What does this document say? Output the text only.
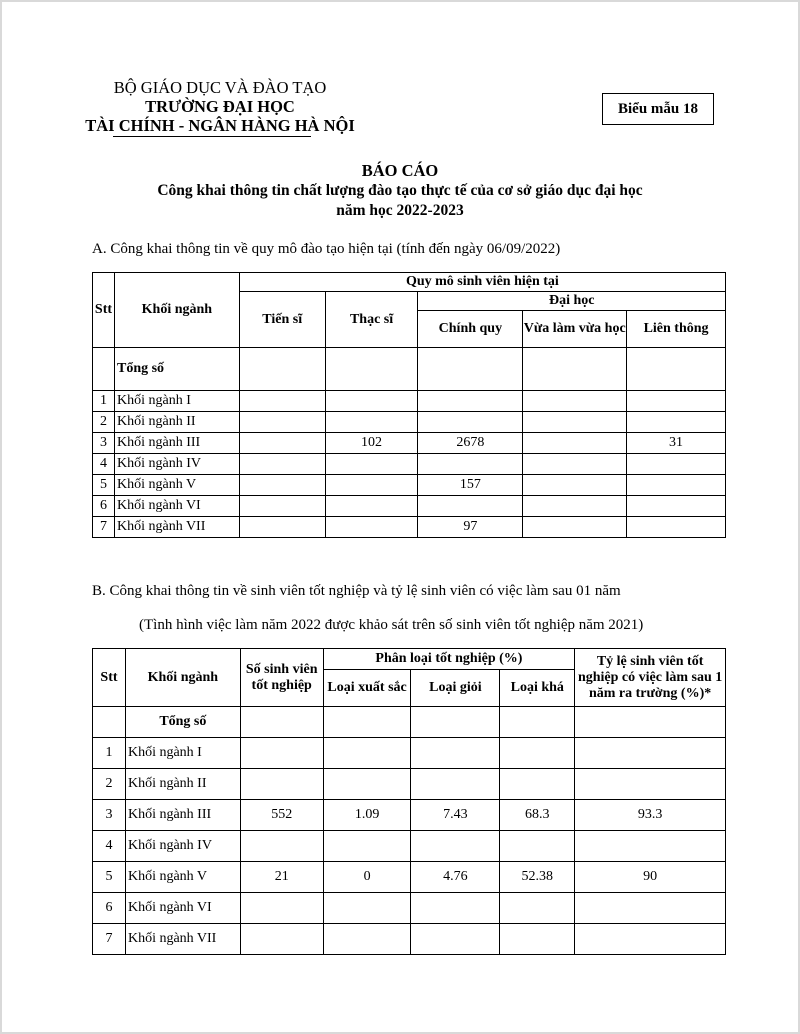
BỘ GIÁO DỤC VÀ ĐÀO TẠO
TRƯỜNG ĐẠI HỌC
TÀI CHÍNH - NGÂN HÀNG HÀ NỘI
Biểu mẫu 18
BÁO CÁO
Công khai thông tin chất lượng đào tạo thực tế của cơ sở giáo dục đại học
năm học 2022-2023
A. Công khai thông tin về quy mô đào tạo hiện tại (tính đến ngày 06/09/2022)
Stt	Khối ngành	Quy mô sinh viên hiện tại				
		Tiến sĩ	Thạc sĩ	Đại học		
				Chính quy	Vừa làm vừa học	Liên thông
	Tổng số					
1	Khối ngành I					
2	Khối ngành II					
3	Khối ngành III		102	2678		31
4	Khối ngành IV					
5	Khối ngành V			157		
6	Khối ngành VI					
7	Khối ngành VII			97		
B. Công khai thông tin về sinh viên tốt nghiệp và tỷ lệ sinh viên có việc làm sau 01 năm
(Tình hình việc làm năm 2022 được khảo sát trên số sinh viên tốt nghiệp năm 2021)
Stt	Khối ngành	Số sinh viên tốt nghiệp	Phân loại tốt nghiệp (%)			Tỷ lệ sinh viên tốt nghiệp có việc làm sau 1 năm ra trường (%)*
			Loại xuất sắc	Loại giỏi	Loại khá	
	Tổng số					
1	Khối ngành I					
2	Khối ngành II					
3	Khối ngành III	552	1.09	7.43	68.3	93.3
4	Khối ngành IV					
5	Khối ngành V	21	0	4.76	52.38	90
6	Khối ngành VI					
7	Khối ngành VII					
